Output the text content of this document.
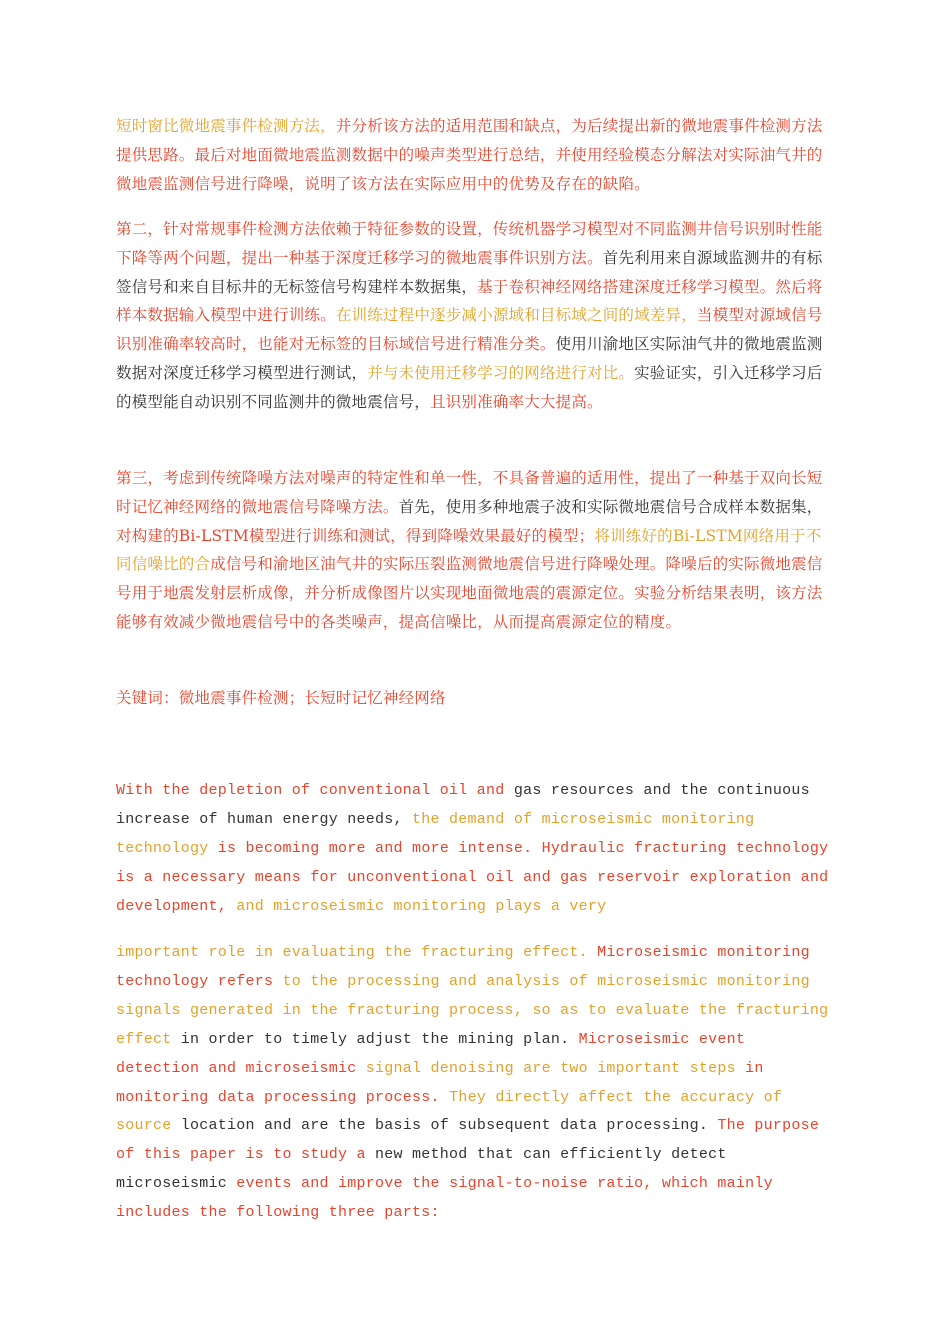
短时窗比微地震事件检测方法，并分析该方法的适用范围和缺点，为后续提出新的微地震事件检测方法提供思路。最后对地面微地震监测数据中的噪声类型进行总结，并使用经验模态分解法对实际油气井的微地震监测信号进行降噪，说明了该方法在实际应用中的优势及存在的缺陷。

第二，针对常规事件检测方法依赖于特征参数的设置，传统机器学习模型对不同监测井信号识别时性能下降等两个问题，提出一种基于深度迁移学习的微地震事件识别方法。首先利用来自源域监测井的有标签信号和来自目标井的无标签信号构建样本数据集，基于卷积神经网络搭建深度迁移学习模型。然后将样本数据输入模型中进行训练。在训练过程中逐步减小源域和目标域之间的域差异，当模型对源域信号识别准确率较高时，也能对无标签的目标域信号进行精准分类。使用川渝地区实际油气井的微地震监测数据对深度迁移学习模型进行测试，并与未使用迁移学习的网络进行对比。实验证实，引入迁移学习后的模型能自动识别不同监测井的微地震信号，且识别准确率大大提高。

第三，考虑到传统降噪方法对噪声的特定性和单一性，不具备普遍的适用性，提出了一种基于双向长短时记忆神经网络的微地震信号降噪方法。首先，使用多种地震子波和实际微地震信号合成样本数据集，对构建的Bi-LSTM模型进行训练和测试，得到降噪效果最好的模型；将训练好的Bi-LSTM网络用于不同信噪比的合成信号和渝地区油气井的实际压裂监测微地震信号进行降噪处理。降噪后的实际微地震信号用于地震发射层析成像，并分析成像图片以实现地面微地震的震源定位。实验分析结果表明，该方法能够有效减少微地震信号中的各类噪声，提高信噪比，从而提高震源定位的精度。

关键词：微地震事件检测；长短时记忆神经网络

With the depletion of conventional oil and gas resources and the continuous increase of human energy needs, the demand of microseismic monitoring technology is becoming more and more intense. Hydraulic fracturing technology is a necessary means for unconventional oil and gas reservoir exploration and development, and microseismic monitoring plays a very

important role in evaluating the fracturing effect. Microseismic monitoring technology refers to the processing and analysis of microseismic monitoring signals generated in the fracturing process, so as to evaluate the fracturing effect in order to timely adjust the mining plan. Microseismic event detection and microseismic signal denoising are two important steps in monitoring data processing process. They directly affect the accuracy of source location and are the basis of subsequent data processing. The purpose of this paper is to study a new method that can efficiently detect microseismic events and improve the signal-to-noise ratio, which mainly includes the following three parts:
